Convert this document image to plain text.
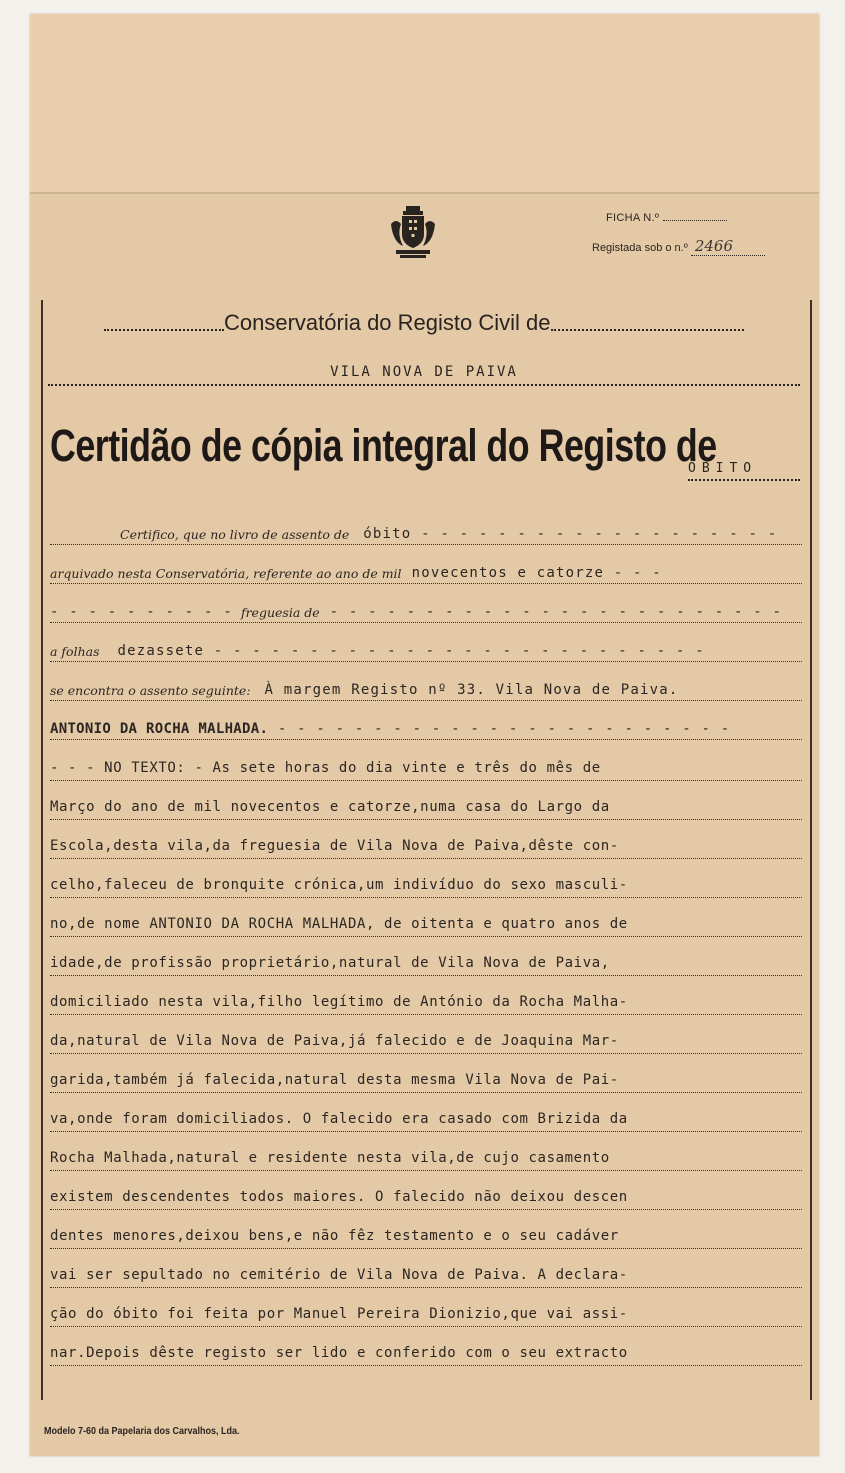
FICHA N.º
Registada sob o n.º 2466
Conservatória do Registo Civil de
VILA NOVA DE PAIVA
Certidão de cópia integral do Registo de
ÓBITO
$_{Certifico, que no livro de assento de}$ óbito - - - - - - - - - - - - - - - - - - -
$_{arquivado nesta Conservatória, referente ao ano de mil}$ novecentos e catorze - - -
- - - - - - - - - - $_{freguesia de}$ - - - - - - - - - - - - - - - - - - - - - - - -
$_{a folhas}$ dezassete - - - - - - - - - - - - - - - - - - - - - - - - - -
$_{se encontra o assento seguinte:}$ À margem Registo nº 33. Vila Nova de Paiva.
ANTONIO DA ROCHA MALHADA. - - - - - - - - - - - - - - - - - - - - - - - -
- - - NO TEXTO: - As sete horas do dia vinte e três do mês de
Março do ano de mil novecentos e catorze,numa casa do Largo da
Escola,desta vila,da freguesia de Vila Nova de Paiva,dêste con-
celho,faleceu de bronquite crónica,um indivíduo do sexo masculi-
no,de nome ANTONIO DA ROCHA MALHADA, de oitenta e quatro anos de
idade,de profissão proprietário,natural de Vila Nova de Paiva,
domiciliado nesta vila,filho legítimo de António da Rocha Malha-
da,natural de Vila Nova de Paiva,já falecido e de Joaquina Mar-
garida,também já falecida,natural desta mesma Vila Nova de Pai-
va,onde foram domiciliados. O falecido era casado com Brizida da
Rocha Malhada,natural e residente nesta vila,de cujo casamento
existem descendentes todos maiores. O falecido não deixou descen
dentes menores,deixou bens,e não fêz testamento e o seu cadáver
vai ser sepultado no cemitério de Vila Nova de Paiva. A declara-
ção do óbito foi feita por Manuel Pereira Dionizio,que vai assi-
nar.Depois dêste registo ser lido e conferido com o seu extracto
Modelo 7-60 da Papelaria dos Carvalhos, Lda.
